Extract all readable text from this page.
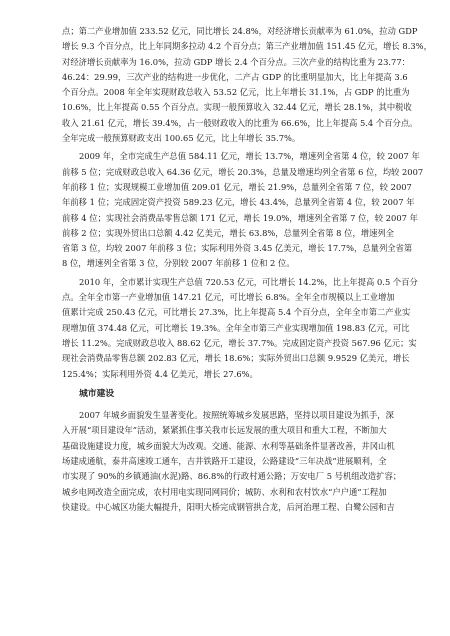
点；第二产业增加值 233.52 亿元，同比增长 24.8%，对经济增长贡献率为 61.0%，拉动 GDP
增长 9.3 个百分点，比上年同期多拉动 4.2 个百分点；第三产业增加值 151.45 亿元，增长 8.3%，
对经济增长贡献率为 16.0%，拉动 GDP 增长 2.4 个百分点。三次产业的结构比重为 23.77：
46.24：29.99，三次产业的结构进一步优化，二产占 GDP 的比重明显加大，比上年提高 3.6
个百分点。2008 年全年实现财政总收入 53.52 亿元，比上年增长 31.1%，占 GDP 的比重为
10.6%，比上年提高 0.55 个百分点。实现一般预算收入 32.44 亿元，增长 28.1%，其中税收
收入 21.61 亿元，增长 39.4%，占一般财政收入的比重为 66.6%，比上年提高 5.4 个百分点。
全年完成一般预算财政支出 100.65 亿元，比上年增长 35.7%。
2009 年，全市完成生产总值 584.11 亿元，增长 13.7%，增速列全省第 4 位，较 2007 年
前移 5 位；完成财政总收入 64.36 亿元，增长 20.3%，总量及增速均列全省第 6 位，均较 2007
年前移 1 位；实现规模工业增加值 209.01 亿元，增长 21.9%，总量列全省第 7 位，较 2007
年前移 1 位；完成固定资产投资 589.23 亿元，增长 43.4%，总量列全省第 4 位，较 2007 年
前移 4 位；实现社会消费品零售总额 171 亿元，增长 19.0%，增速列全省第 7 位，较 2007 年
前移 2 位；实现外贸出口总额 4.42 亿美元，增长 63.8%，总量列全省第 8 位，增速列全
省第 3 位，均较 2007 年前移 3 位；实际利用外资 3.45 亿美元，增长 17.7%，总量列全省第
8 位，增速列全省第 3 位，分别较 2007 年前移 1 位和 2 位。
2010 年，全市累计实现生产总值 720.53 亿元，可比增长 14.2%，比上年提高 0.5 个百分
点。全年全市第一产业增加值 147.21 亿元，可比增长 6.8%。全年全市规模以上工业增加
值累计完成 250.43 亿元，可比增长 27.3%，比上年提高 5.4 个百分点，全年全市第二产业实
现增加值 374.48 亿元，可比增长 19.3%。全年全市第三产业实现增加值 198.83 亿元，可比
增长 11.2%。完成财政总收入 88.62 亿元，增长 37.7%。完成固定资产投资 567.96 亿元；实
现社会消费品零售总额 202.83 亿元，增长 18.6%；实际外贸出口总额 9.9529 亿美元，增长
125.4%；实际利用外资 4.4 亿美元，增长 27.6%。
城市建设
2007 年城乡面貌发生显著变化。按照统筹城乡发展思路，坚持以项目建设为抓手，深
入开展“项目建设年”活动，紧紧抓住事关我市长远发展的重大项目和重大工程，不断加大
基础设施建设力度，城乡面貌大为改观。交通、能源、水利等基础条件显著改善，井冈山机
场建成通航，泰井高速竣工通车，吉井铁路开工建设，公路建设“三年决战”进展顺利，全
市实现了 90%的乡镇通油(水泥)路、86.8%的行政村通公路；万安电厂 5 号机组改造扩容；
城乡电网改造全面完成，农村用电实现同网同价；城防、水利和农村饮水“户户通”工程加
快建设。中心城区功能大幅提升，阳明大桥完成钢管拱合龙，后河治理工程、白鹭公园和吉
